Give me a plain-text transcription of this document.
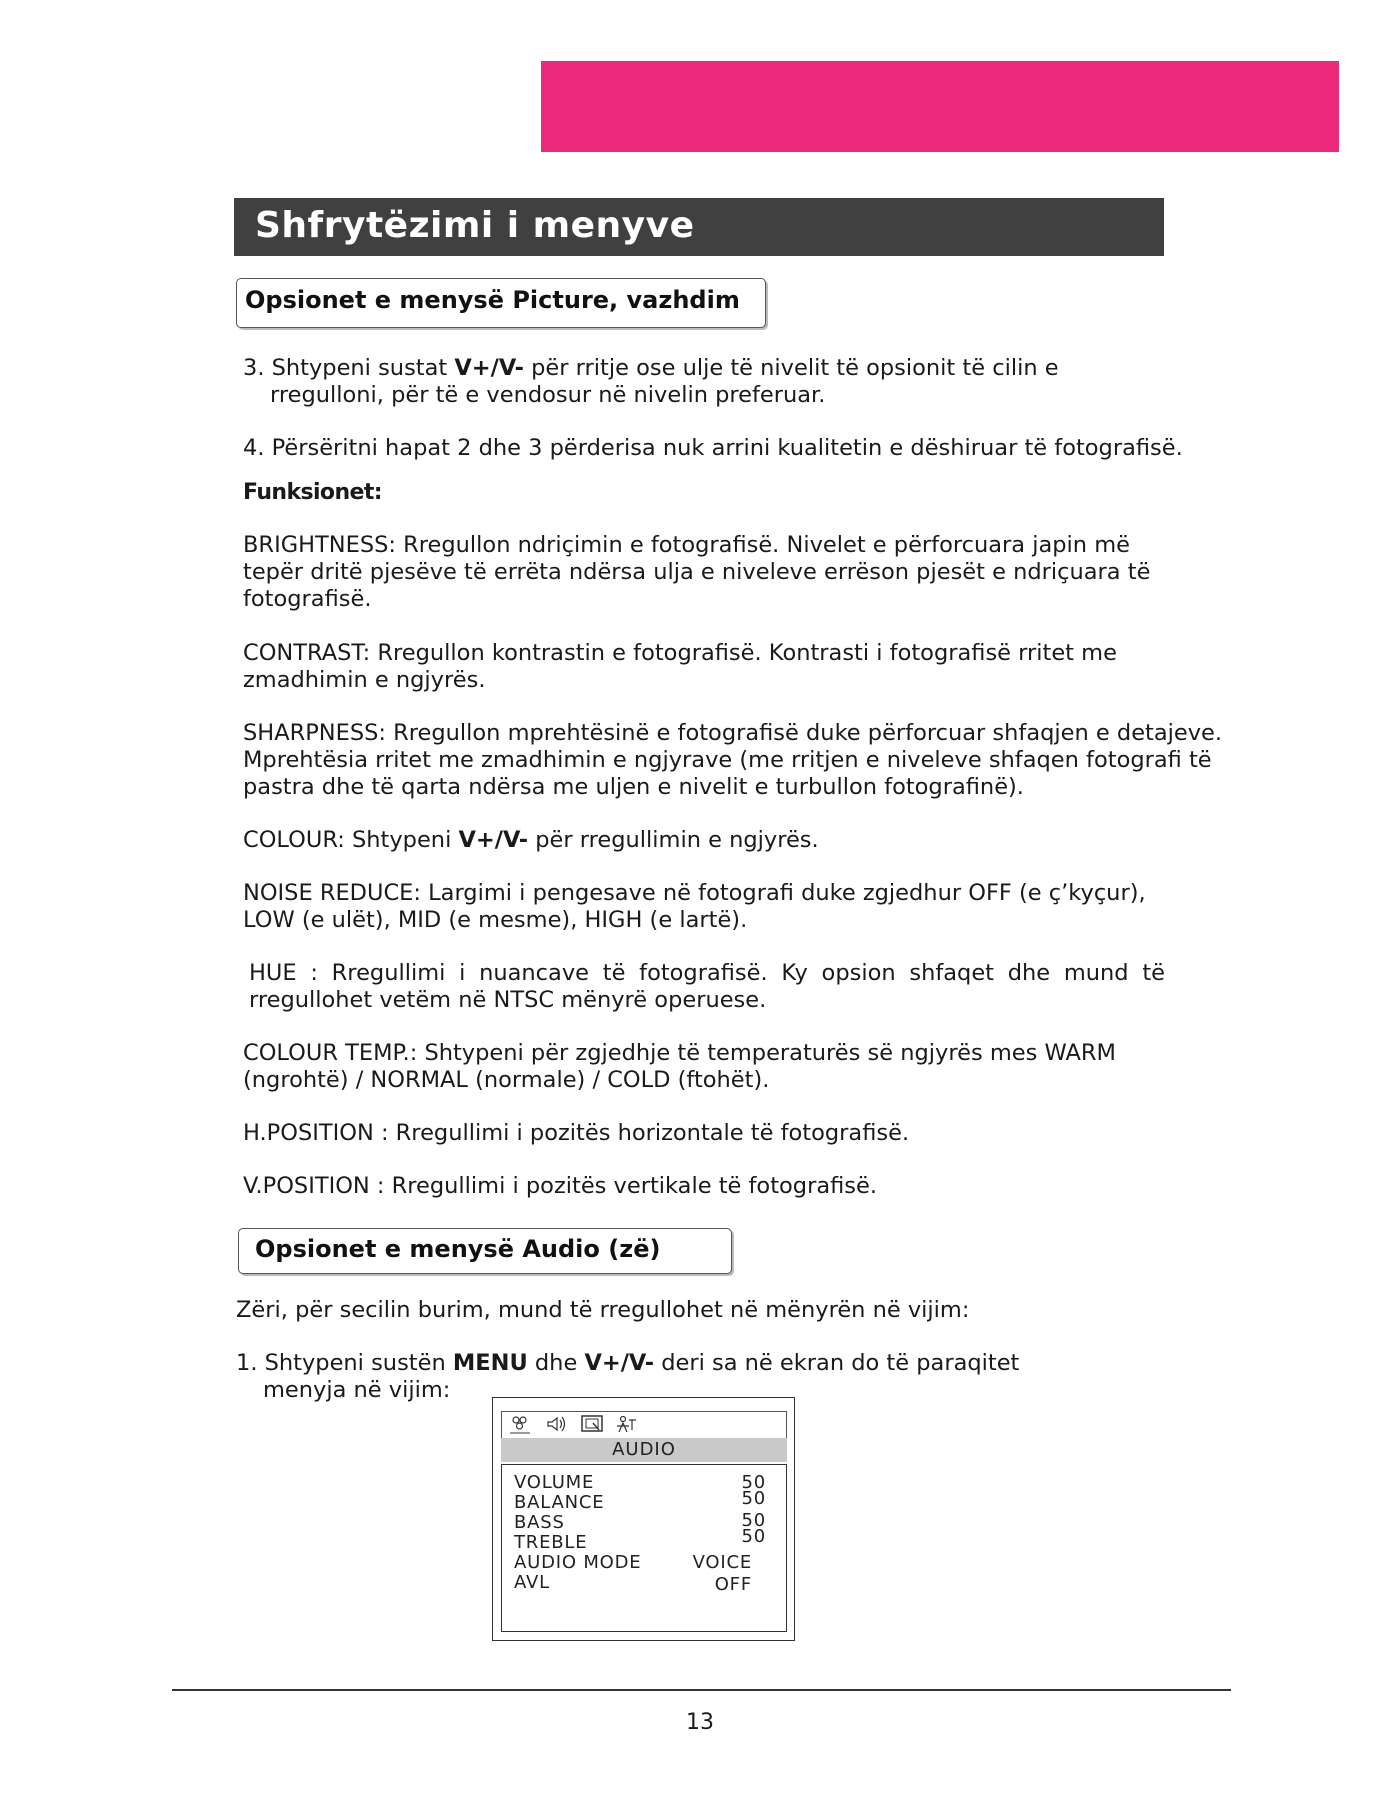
Shfrytëzimi i menyve
Opsionet e menysë Picture, vazhdim

3. Shtypeni sustat V+/V- për rritje ose ulje të nivelit të opsionit të cilin e
rregulloni, për të e vendosur në nivelin preferuar.

4. Përsëritni hapat 2 dhe 3 përderisa nuk arrini kualitetin e dëshiruar të fotografisë.

Funksionet:

BRIGHTNESS: Rregullon ndriçimin e fotografisë. Nivelet e përforcuara japin më tepër dritë pjesëve të errëta ndërsa ulja e niveleve errëson pjesët e ndriçuara të fotografisë.

CONTRAST: Rregullon kontrastin e fotografisë. Kontrasti i fotografisë rritet me zmadhimin e ngjyrës.

SHARPNESS: Rregullon mprehtësinë e fotografisë duke përforcuar shfaqjen e detajeve. Mprehtësia rritet me zmadhimin e ngjyrave (me rritjen e niveleve shfaqen fotografi të pastra dhe të qarta ndërsa me uljen e nivelit e turbullon fotografinë).

COLOUR: Shtypeni V+/V- për rregullimin e ngjyrës.

NOISE REDUCE: Largimi i pengesave në fotografi duke zgjedhur OFF (e ç’kyçur),
LOW (e ulët), MID (e mesme), HIGH (e lartë).

HUE : Rregullimi i nuancave të fotografisë. Ky opsion shfaqet dhe mund të
rregullohet vetëm në NTSC mënyrë operuese.

COLOUR TEMP.: Shtypeni për zgjedhje të temperaturës së ngjyrës mes WARM
(ngrohtë) / NORMAL (normale) / COLD (ftohët).

H.POSITION : Rregullimi i pozitës horizontale të fotografisë.

V.POSITION : Rregullimi i pozitës vertikale të fotografisë.

Opsionet e menysë Audio (zë)

Zëri, për secilin burim, mund të rregullohet në mënyrën në vijim:

1. Shtypeni sustën MENU dhe V+/V- deri sa në ekran do të paraqitet
menyja në vijim:

AUDIO
VOLUME	50
BALANCE	50
BASS	50
TREBLE	50
AUDIO MODE	VOICE
AVL	OFF
13
